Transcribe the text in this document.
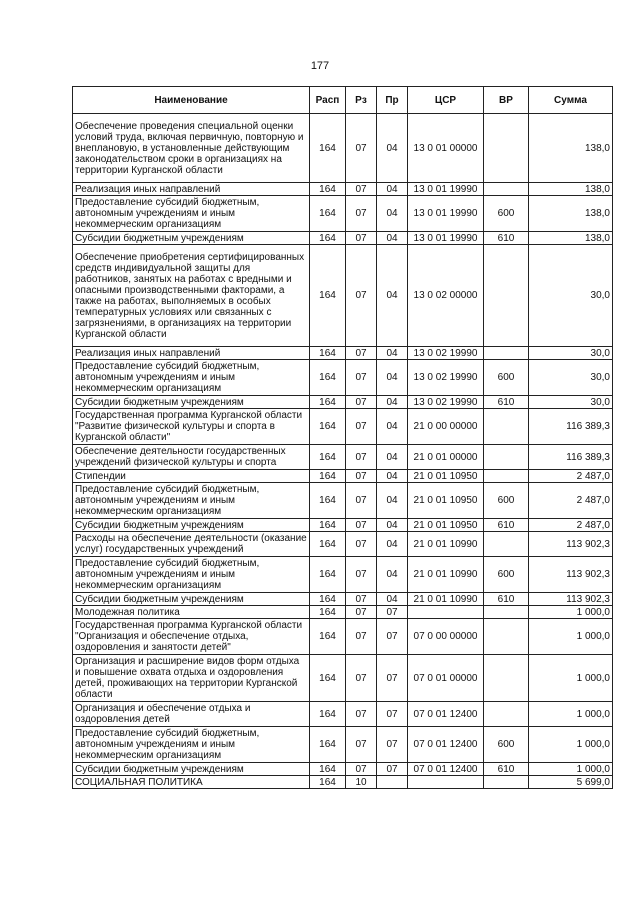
177
Наименование	Расп	Рз	Пр	ЦСР	ВР	Сумма
Обеспечение проведения специальной оценки условий труда, включая первичную, повторную и внеплановую, в установленные действующим законодательством сроки в организациях на территории Курганской области	164	07	04	13 0 01 00000		138,0
Реализация иных направлений	164	07	04	13 0 01 19990		138,0
Предоставление субсидий бюджетным, автономным учреждениям и иным некоммерческим организациям	164	07	04	13 0 01 19990	600	138,0
Субсидии бюджетным учреждениям	164	07	04	13 0 01 19990	610	138,0
Обеспечение приобретения сертифицированных средств индивидуальной защиты для работников, занятых на работах с вредными и опасными производственными факторами, а также на работах, выполняемых в особых температурных условиях или связанных с загрязнениями, в организациях на территории Курганской области	164	07	04	13 0 02 00000		30,0
Реализация иных направлений	164	07	04	13 0 02 19990		30,0
Предоставление субсидий бюджетным, автономным учреждениям и иным некоммерческим организациям	164	07	04	13 0 02 19990	600	30,0
Субсидии бюджетным учреждениям	164	07	04	13 0 02 19990	610	30,0
Государственная программа Курганской области "Развитие физической культуры и спорта в Курганской области"	164	07	04	21 0 00 00000		116 389,3
Обеспечение деятельности государственных учреждений физической культуры и спорта	164	07	04	21 0 01 00000		116 389,3
Стипендии	164	07	04	21 0 01 10950		2 487,0
Предоставление субсидий бюджетным, автономным учреждениям и иным некоммерческим организациям	164	07	04	21 0 01 10950	600	2 487,0
Субсидии бюджетным учреждениям	164	07	04	21 0 01 10950	610	2 487,0
Расходы на обеспечение деятельности (оказание услуг) государственных учреждений	164	07	04	21 0 01 10990		113 902,3
Предоставление субсидий бюджетным, автономным учреждениям и иным некоммерческим организациям	164	07	04	21 0 01 10990	600	113 902,3
Субсидии бюджетным учреждениям	164	07	04	21 0 01 10990	610	113 902,3
Молодежная политика	164	07	07			1 000,0
Государственная программа Курганской области "Организация и обеспечение отдыха, оздоровления и занятости детей"	164	07	07	07 0 00 00000		1 000,0
Организация и расширение видов форм отдыха и повышение охвата отдыха и оздоровления детей, проживающих на территории Курганской области	164	07	07	07 0 01 00000		1 000,0
Организация и обеспечение отдыха и оздоровления детей	164	07	07	07 0 01 12400		1 000,0
Предоставление субсидий бюджетным, автономным учреждениям и иным некоммерческим организациям	164	07	07	07 0 01 12400	600	1 000,0
Субсидии бюджетным учреждениям	164	07	07	07 0 01 12400	610	1 000,0
СОЦИАЛЬНАЯ ПОЛИТИКА	164	10				5 699,0
